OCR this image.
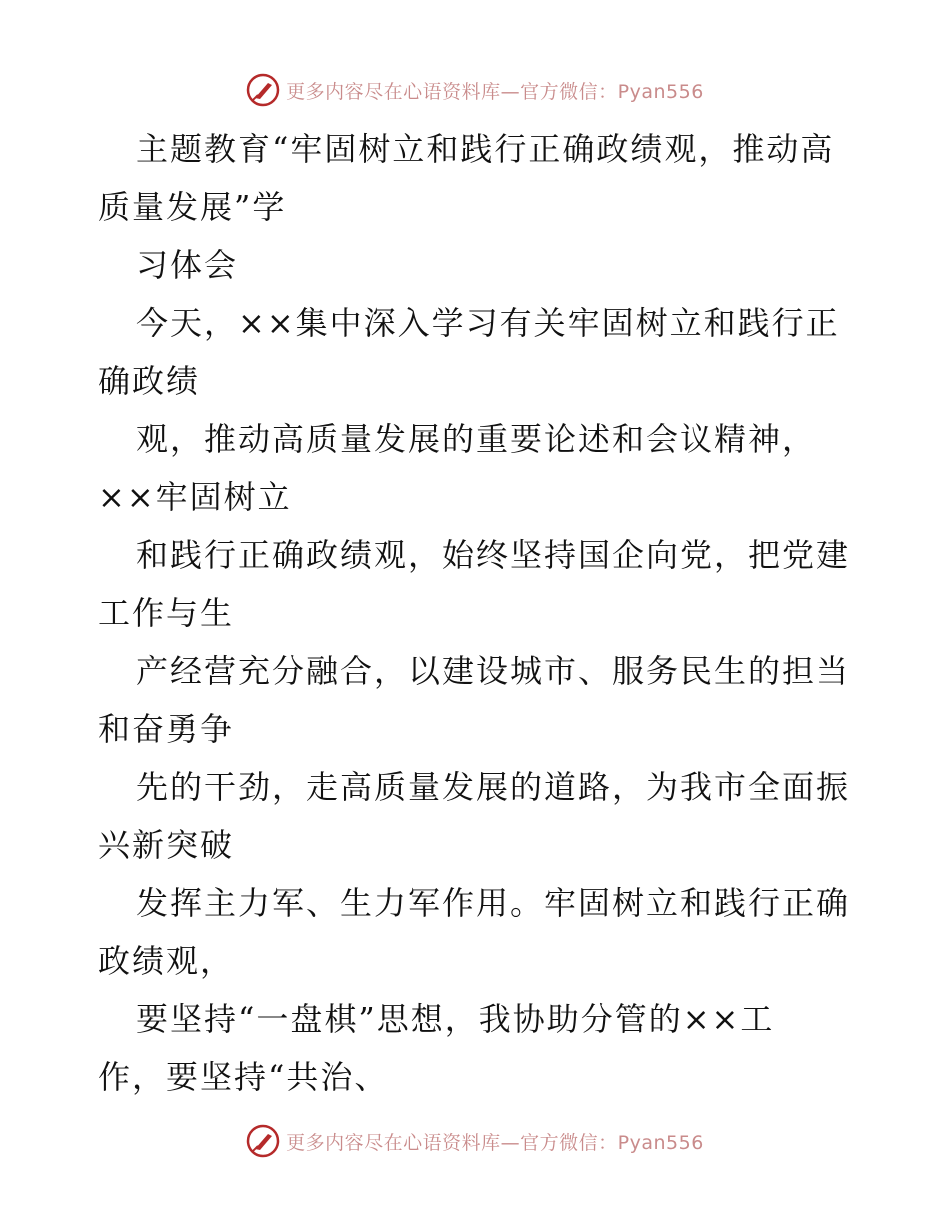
更多内容尽在心语资料库—官方微信：Pyan556
主题教育“牢固树立和践行正确政绩观，推动高
质量发展”学
习体会
今天，××集中深入学习有关牢固树立和践行正
确政绩
观，推动高质量发展的重要论述和会议精神，
××牢固树立
和践行正确政绩观，始终坚持国企向党，把党建
工作与生
产经营充分融合，以建设城市、服务民生的担当
和奋勇争
先的干劲，走高质量发展的道路，为我市全面振
兴新突破
发挥主力军、生力军作用。牢固树立和践行正确
政绩观，
要坚持“一盘棋”思想，我协助分管的××工
作，要坚持“共治、
更多内容尽在心语资料库—官方微信：Pyan556
